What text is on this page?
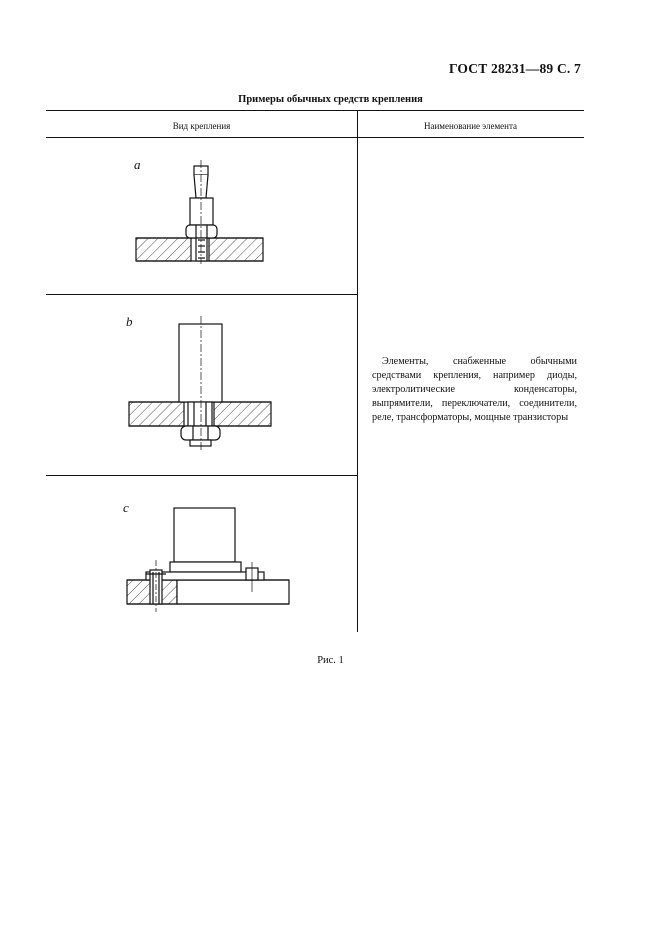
ГОСТ 28231—89 С. 7
Примеры обычных средств крепления
Вид крепления	Наименование элемента
Элементы, снабженные обычными средствами крепления, например диоды, электролитические конденсаторы, выпрямители, переключатели, соединители, реле, трансформаторы, мощные транзисторы
a
b
c
Рис. 1
